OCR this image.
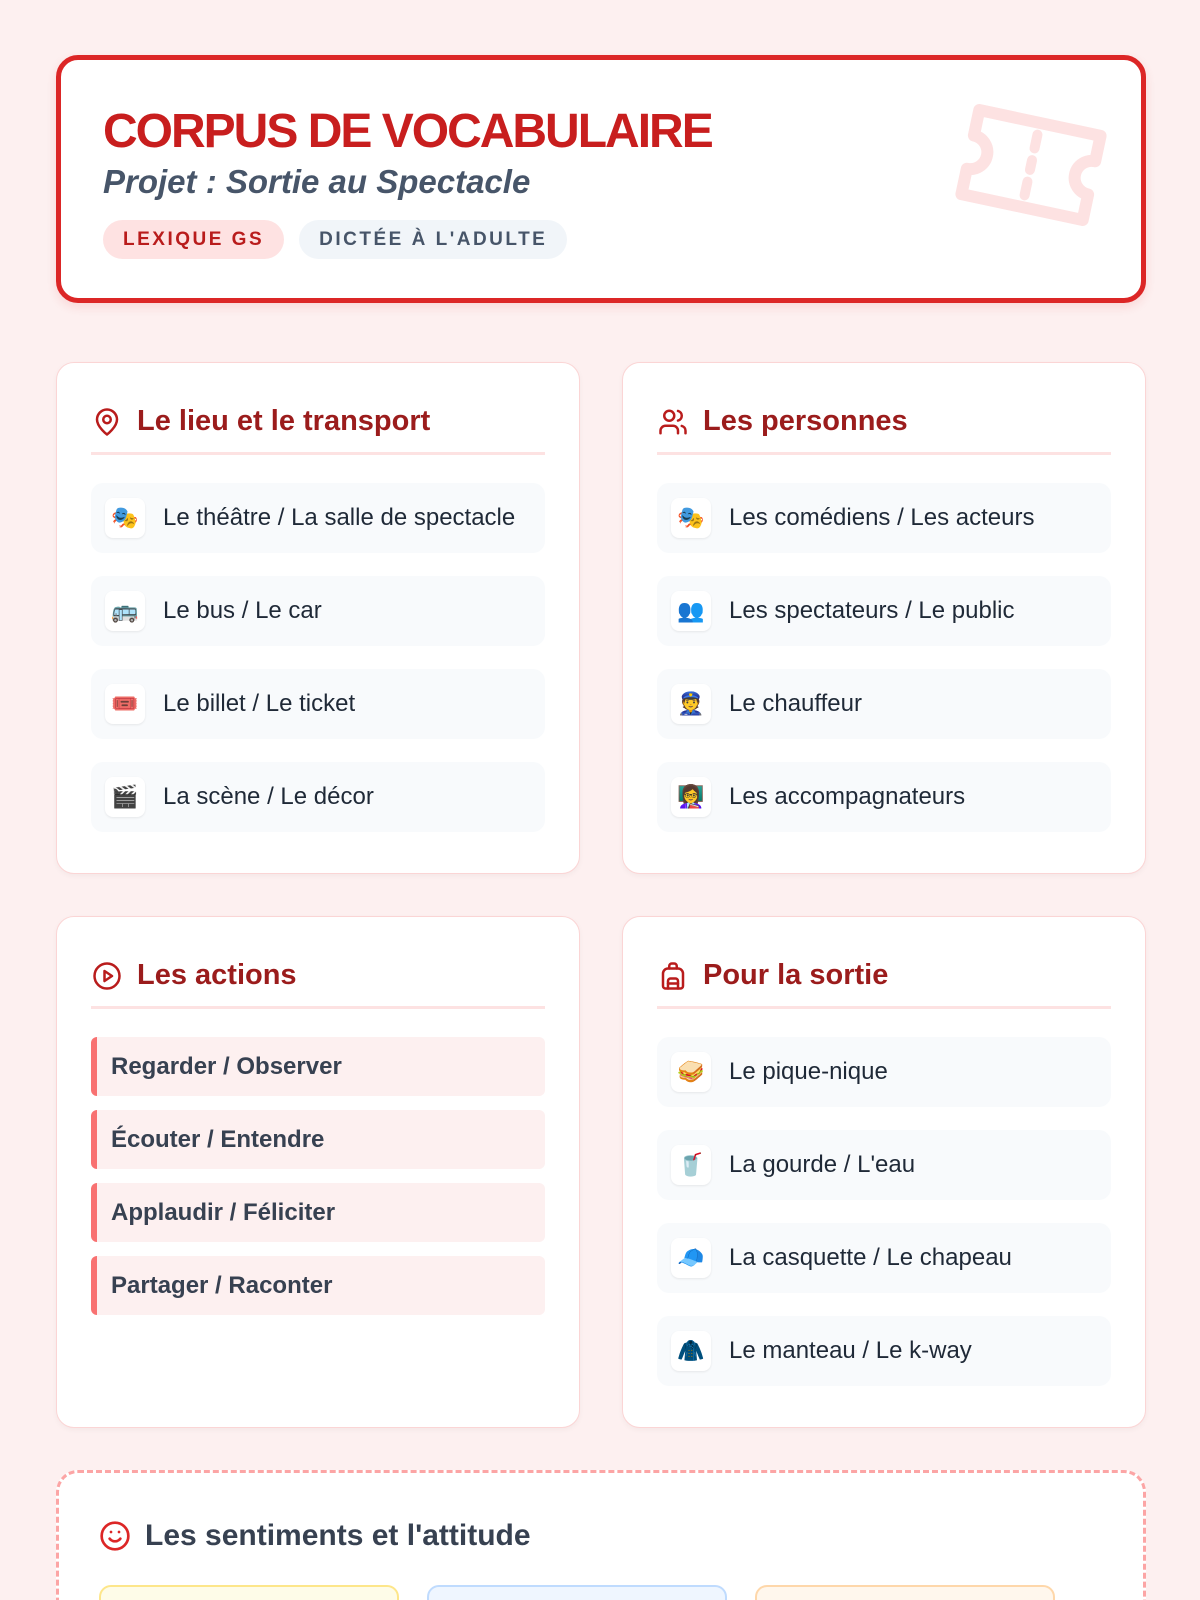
CORPUS DE VOCABULAIRE
Projet : Sortie au Spectacle
LEXIQUE GS	DICTÉE À L'ADULTE
Le lieu et le transport
🎭 Le théâtre / La salle de spectacle
🚌 Le bus / Le car
🎟️ Le billet / Le ticket
🎬 La scène / Le décor
Les personnes
🎭 Les comédiens / Les acteurs
👥 Les spectateurs / Le public
👮 Le chauffeur
👩‍🏫 Les accompagnateurs
Les actions
Regarder / Observer
Écouter / Entendre
Applaudir / Féliciter
Partager / Raconter
Pour la sortie
🥪 Le pique-nique
🥤 La gourde / L'eau
🧢 La casquette / Le chapeau
🧥 Le manteau / Le k-way
Les sentiments et l'attitude
